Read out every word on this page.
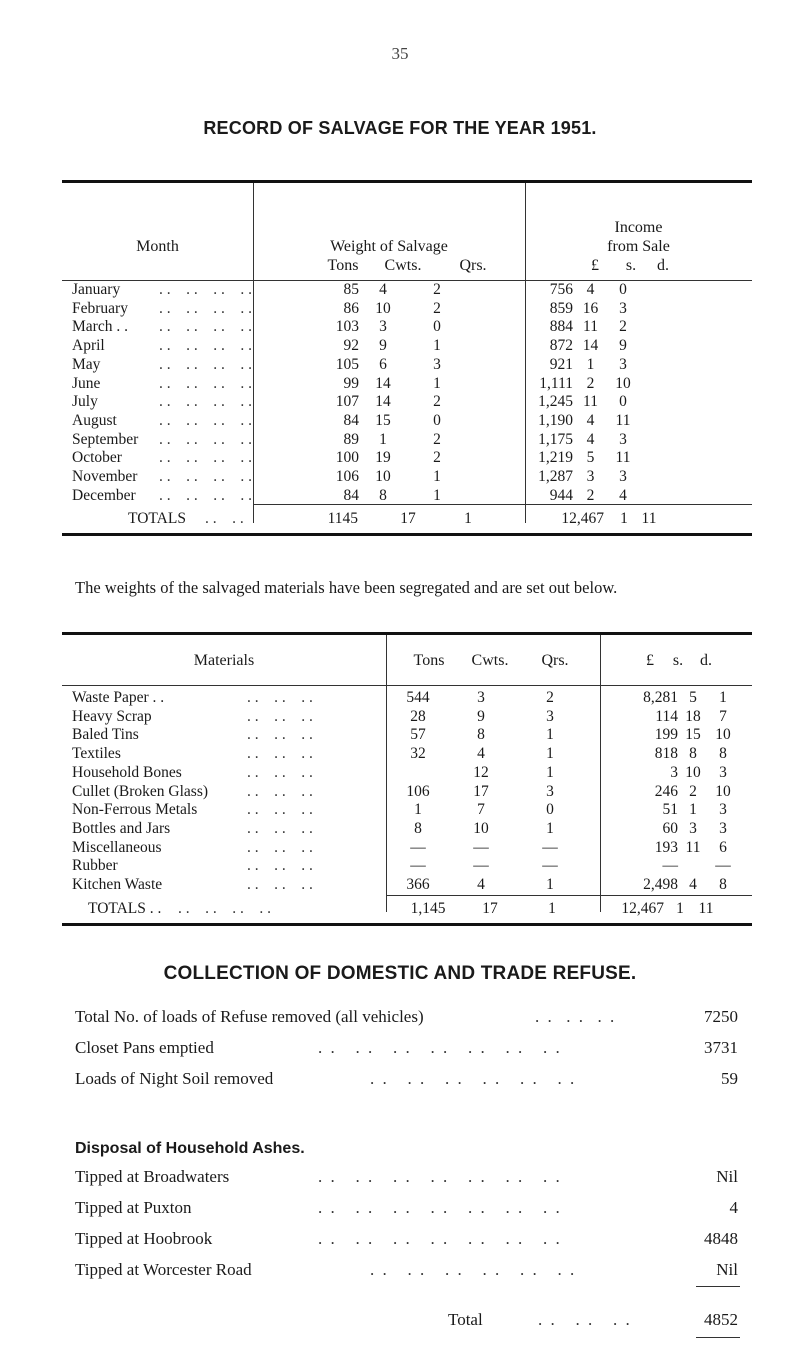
35
RECORD OF SALVAGE FOR THE YEAR 1951.
Month	Weight of Salvage
Tons	Cwts.	Qrs.
Income
from Sale
£	s.	d.
January . .    . .    . .    . .	85	4	2	756	4	0	
February . .    . .    . .    . .	86	10	2	859	16	3	
March . . . .    . .    . .    . .	103	3	0	884	11	2	
April . .    . .    . .    . .	92	9	1	872	14	9	
May . .    . .    . .    . .	105	6	3	921	1	3	
June . .    . .    . .    . .	99	14	1	1,111	2	10	
July . .    . .    . .    . .	107	14	2	1,245	11	0	
August . .    . .    . .    . .	84	15	0	1,190	4	11	
September . .    . .    . .    . .	89	1	2	1,175	4	3	
October . .    . .    . .    . .	100	19	2	1,219	5	11	
November . .    . .    . .    . .	106	10	1	1,287	3	3	
December . .    . .    . .    . .	84	8	1	944	2	4	
TOTALS	. .    . .	1145	17	1	12,467	1 11
The weights of the salvaged materials have been segregated and are set out below.
Materials	Tons	Cwts.	Qrs.	£	s.	d.
Waste Paper . . . .    . .    . .	544	3	2	8,281	5	1	
Heavy Scrap . .    . .    . .	28	9	3	114	18	7	
Baled Tins . .    . .    . .	57	8	1	199	15	10	
Textiles . .    . .    . .	32	4	1	818	8	8	
Household Bones . .    . .    . .		12	1	3	10	3	
Cullet (Broken Glass) . .    . .    . .	106	17	3	246	2	10	
Non-Ferrous Metals . .    . .    . .	1	7	0	51	1	3	
Bottles and Jars . .    . .    . .	8	10	1	60	3	3	
Miscellaneous . .    . .    . .	—	—	—	193	11	6	
Rubber . .    . .    . .	—	—	—	—		—	
Kitchen Waste . .    . .    . .	366	4	1	2,498	4	8	
TOTALS . . . .    . .    . .    . .	1,145	17	1	12,467 1 11
COLLECTION OF DOMESTIC AND TRADE REFUSE.
Total No. of loads of Refuse removed (all vehicles)	. .  . .  . .	7250
Closet Pans emptied	. .   . .   . .   . .   . .   . .   . .	3731
Loads of Night Soil removed	. .   . .   . .   . .   . .   . .	59
Disposal of Household Ashes.
Tipped at Broadwaters	. .   . .   . .   . .   . .   . .   . .	Nil
Tipped at Puxton	. .   . .   . .   . .   . .   . .   . .	4
Tipped at Hoobrook	. .   . .   . .   . .   . .   . .   . .	4848
Tipped at Worcester Road	. .   . .   . .   . .   . .   . .	Nil
Total	. .   . .   . .	4852
